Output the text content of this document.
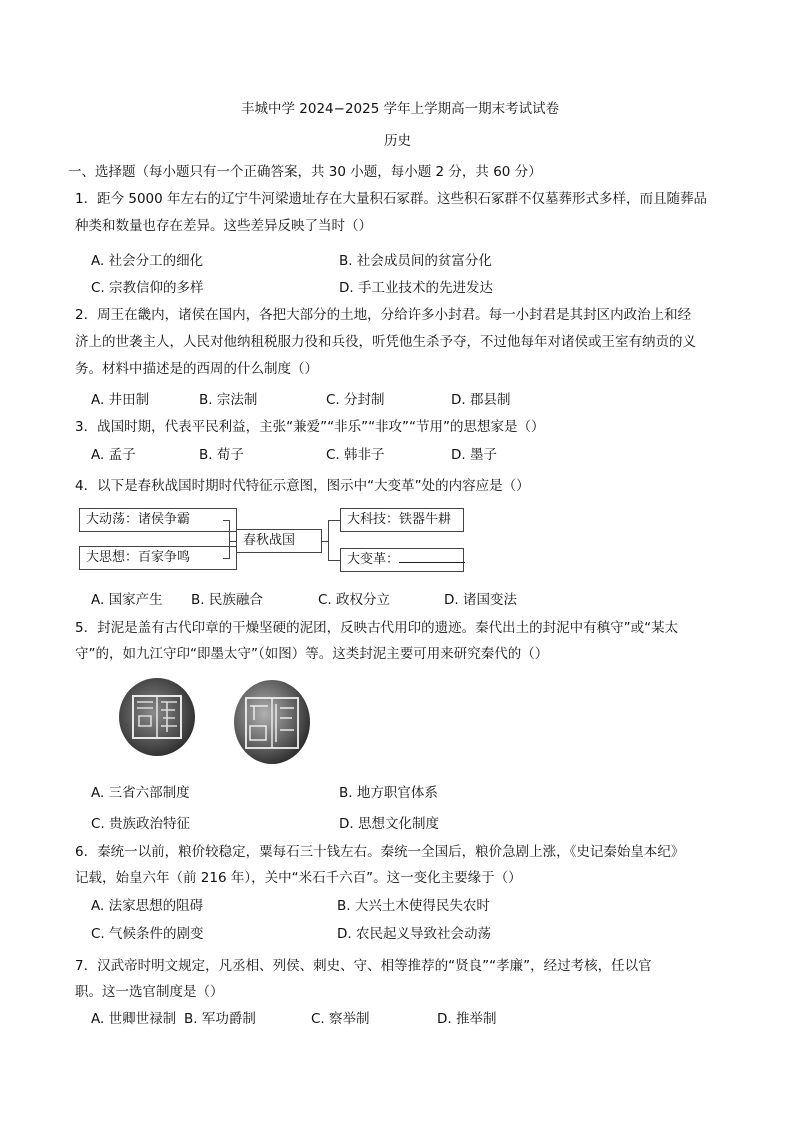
丰城中学 2024−2025 学年上学期高一期末考试试卷
历史
一、选择题（每小题只有一个正确答案，共 30 小题，每小题 2 分，共 60 分）
1．距今 5000 年左右的辽宁牛河梁遗址存在大量积石冢群。这些积石冢群不仅墓葬形式多样，而且随葬品
种类和数量也存在差异。这些差异反映了当时（）
A. 社会分工的细化	B. 社会成员间的贫富分化
C. 宗教信仰的多样	D. 手工业技术的先进发达
2．周王在畿内，诸侯在国内，各把大部分的土地，分给许多小封君。每一小封君是其封区内政治上和经
济上的世袭主人，人民对他纳租税服力役和兵役，听凭他生杀予夺，不过他每年对诸侯或王室有纳贡的义
务。材料中描述是的西周的什么制度（）
A. 井田制	B. 宗法制	C. 分封制	D. 郡县制
3．战国时期，代表平民利益，主张“兼爱”“非乐”“非攻”“节用”的思想家是（）
A. 孟子	B. 荀子	C. 韩非子	D. 墨子
4．以下是春秋战国时期时代特征示意图，图示中“大变革”处的内容应是（）
大动荡：诸侯争霸
大思想：百家争鸣
春秋战国
大科技：铁器牛耕
大变革：
A. 国家产生 B. 民族融合	C. 政权分立	D. 诸国变法
5．封泥是盖有古代印章的干燥坚硬的泥团，反映古代用印的遗迹。秦代出土的封泥中有稹守”或“某太
守”的，如九江守印“即墨太守”（如图）等。这类封泥主要可用来研究秦代的（）
A. 三省六部制度	B. 地方职官体系
C. 贵族政治特征	D. 思想文化制度
6．秦统一以前，粮价较稳定，粟每石三十钱左右。秦统一全国后，粮价急剧上涨，《史记秦始皇本纪》
记载，始皇六年（前 216 年），关中“米石千六百”。这一变化主要缘于（）
A. 法家思想的阻碍	B. 大兴土木使得民失农时
C. 气候条件的剧变	D. 农民起义导致社会动荡
7．汉武帝时明文规定，凡丞相、列侯、刺史、守、相等推荐的“贤良”“孝廉”，经过考核，任以官
职。这一选官制度是（）
A. 世卿世禄制 B. 军功爵制	C. 察举制	D. 推举制
